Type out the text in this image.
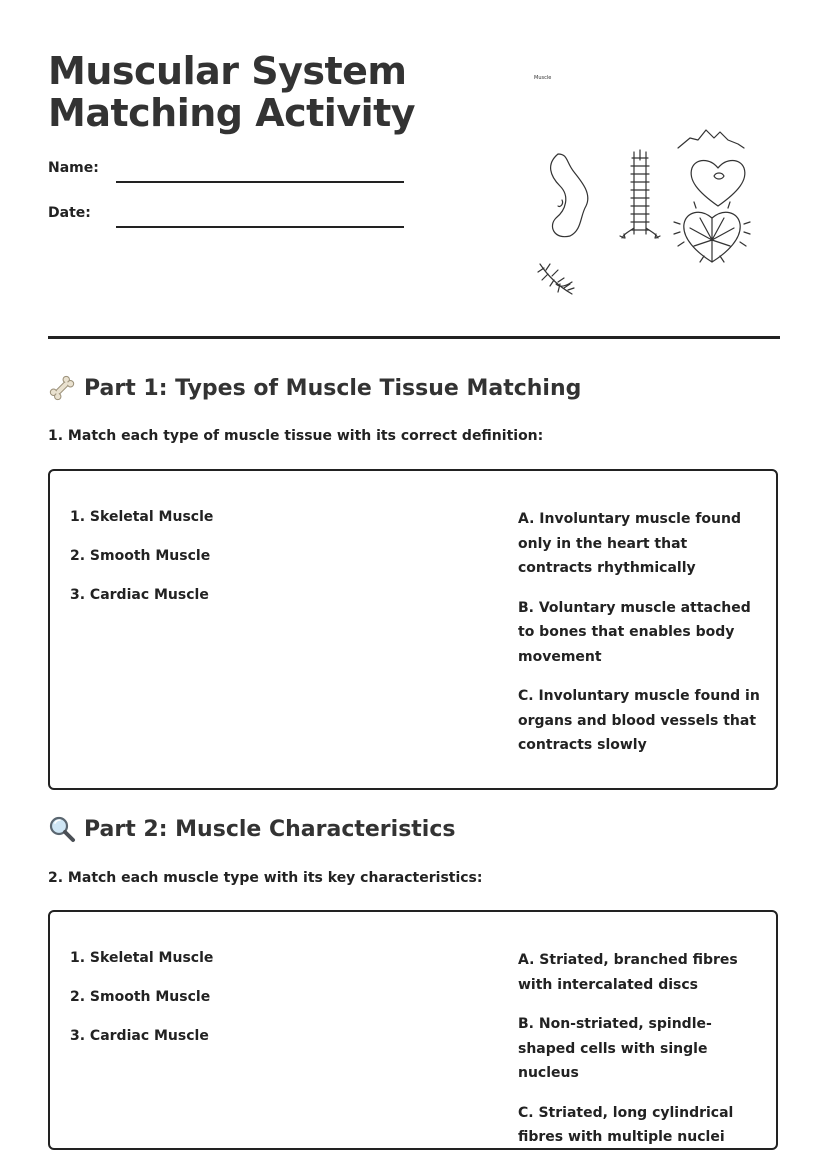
Muscular System
Matching Activity
Name:
Date:
Muscle
Part 1: Types of Muscle Tissue Matching

1. Match each type of muscle tissue with its correct definition:

1. Skeletal Muscle
2. Smooth Muscle
3. Cardiac Muscle
A. Involuntary muscle found only in the heart that contracts rhythmically
B. Voluntary muscle attached to bones that enables body movement
C. Involuntary muscle found in organs and blood vessels that contracts slowly
Part 2: Muscle Characteristics

2. Match each muscle type with its key characteristics:

1. Skeletal Muscle
2. Smooth Muscle
3. Cardiac Muscle
A. Striated, branched fibres with intercalated discs
B. Non-striated, spindle-shaped cells with single nucleus
C. Striated, long cylindrical fibres with multiple nuclei
